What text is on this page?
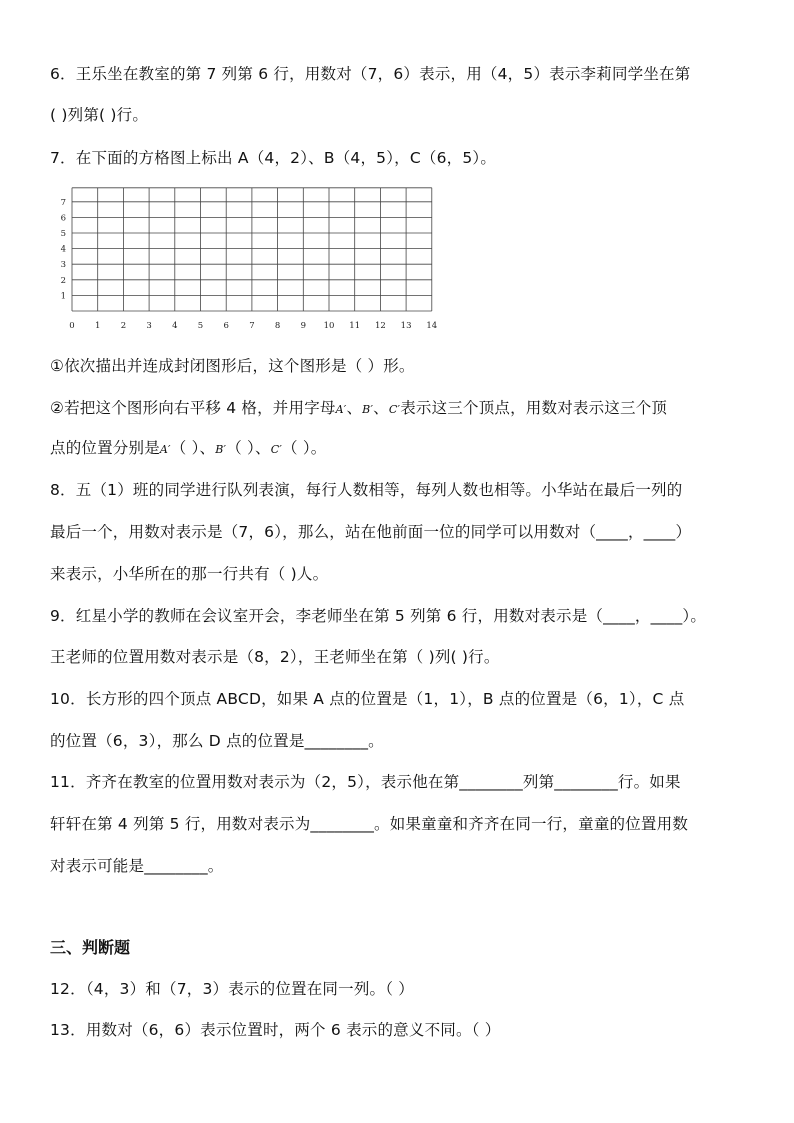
6．王乐坐在教室的第 7 列第 6 行，用数对（7，6）表示，用（4，5）表示李莉同学坐在第
( )列第( )行。
7．在下面的方格图上标出 A（4，2）、B（4，5），C（6，5）。
0 1 2 3 4 5 6 7 8 9 10 11 12 13 14
1
2
3
4
5
6
7
①依次描出并连成封闭图形后，这个图形是（ ）形。
②若把这个图形向右平移 4 格，并用字母A′、B′、C′表示这三个顶点，用数对表示这三个顶
点的位置分别是A′（ ）、B′（ ）、C′（ ）。
8．五（1）班的同学进行队列表演，每行人数相等，每列人数也相等。小华站在最后一列的
最后一个，用数对表示是（7，6），那么，站在他前面一位的同学可以用数对（____，____）
来表示，小华所在的那一行共有（ )人。
9．红星小学的教师在会议室开会，李老师坐在第 5 列第 6 行，用数对表示是（____，____）。
王老师的位置用数对表示是（8，2），王老师坐在第（ )列( )行。
10．长方形的四个顶点 ABCD，如果 A 点的位置是（1，1），B 点的位置是（6，1），C 点
的位置（6，3），那么 D 点的位置是________。
11．齐齐在教室的位置用数对表示为（2，5），表示他在第________列第________行。如果
轩轩在第 4 列第 5 行，用数对表示为________。如果童童和齐齐在同一行，童童的位置用数
对表示可能是________。
三、判断题
12．（4，3）和（7，3）表示的位置在同一列。（ ）
13．用数对（6，6）表示位置时，两个 6 表示的意义不同。（ ）
